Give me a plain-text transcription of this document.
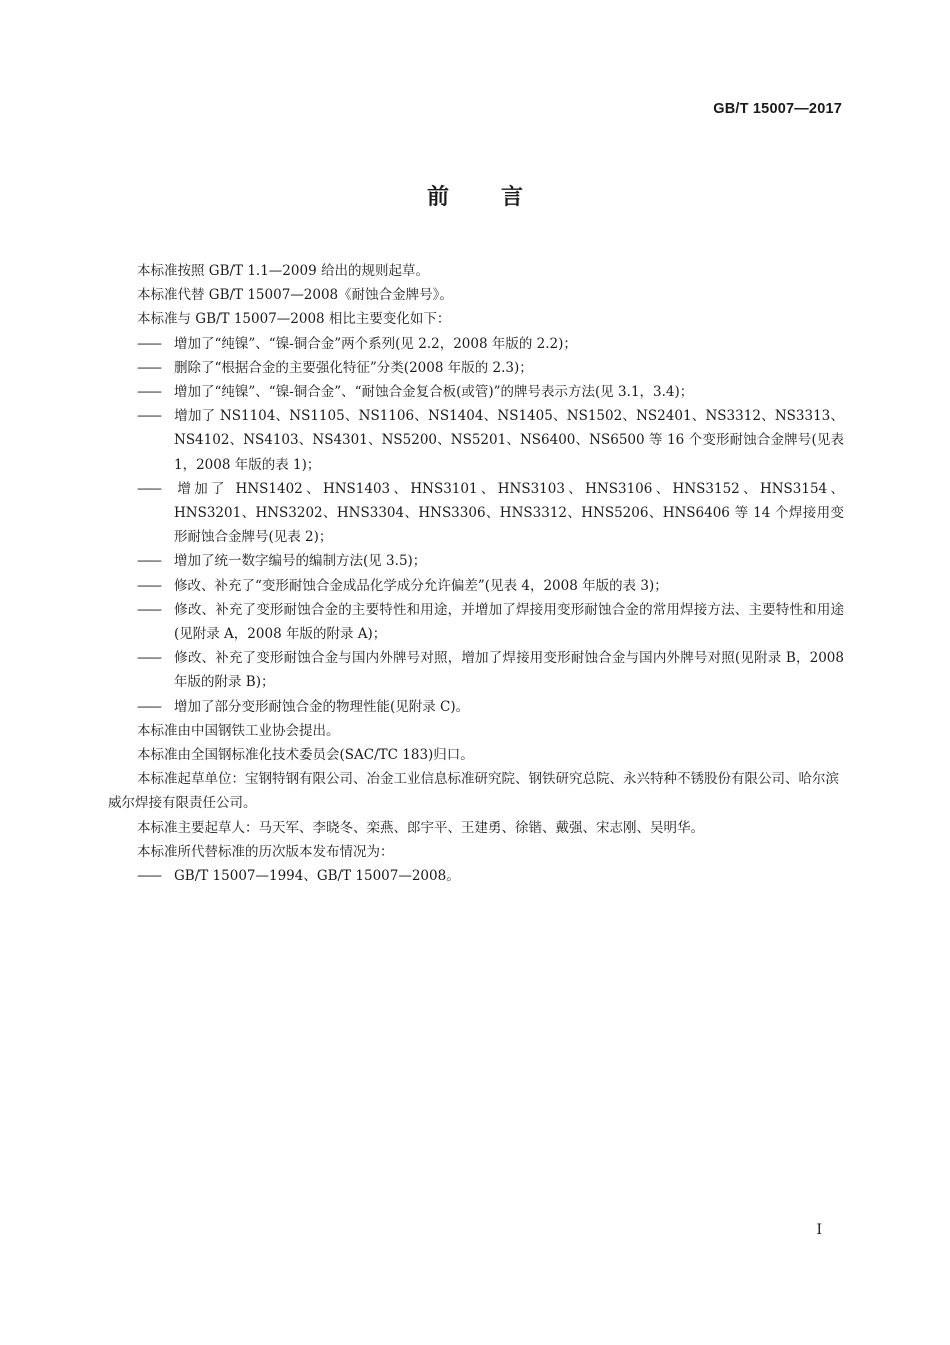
GB/T 15007—2017
前言

本标准按照 GB/T 1.1—2009 给出的规则起草。

本标准代替 GB/T 15007—2008《耐蚀合金牌号》。

本标准与 GB/T 15007—2008 相比主要变化如下：

—— 增加了“纯镍”、“镍-铜合金”两个系列(见 2.2，2008 年版的 2.2)；

—— 删除了“根据合金的主要强化特征”分类(2008 年版的 2.3)；

—— 增加了“纯镍”、“镍-铜合金”、“耐蚀合金复合板(或管)”的牌号表示方法(见 3.1，3.4)；

—— 增加了 NS1104、NS1105、NS1106、NS1404、NS1405、NS1502、NS2401、NS3312、NS3313、NS4102、NS4103、NS4301、NS5200、NS5201、NS6400、NS6500 等 16 个变形耐蚀合金牌号(见表 1，2008 年版的表 1)；

—— 增加了 HNS1402、HNS1403、HNS3101、HNS3103、HNS3106、HNS3152、HNS3154、HNS3201、HNS3202、HNS3304、HNS3306、HNS3312、HNS5206、HNS6406 等 14 个焊接用变形耐蚀合金牌号(见表 2)；

—— 增加了统一数字编号的编制方法(见 3.5)；

—— 修改、补充了“变形耐蚀合金成品化学成分允许偏差”(见表 4，2008 年版的表 3)；

—— 修改、补充了变形耐蚀合金的主要特性和用途，并增加了焊接用变形耐蚀合金的常用焊接方法、主要特性和用途(见附录 A，2008 年版的附录 A)；

—— 修改、补充了变形耐蚀合金与国内外牌号对照，增加了焊接用变形耐蚀合金与国内外牌号对照(见附录 B，2008 年版的附录 B)；

—— 增加了部分变形耐蚀合金的物理性能(见附录 C)。

本标准由中国钢铁工业协会提出。

本标准由全国钢标准化技术委员会(SAC/TC 183)归口。

本标准起草单位：宝钢特钢有限公司、冶金工业信息标准研究院、钢铁研究总院、永兴特种不锈股份有限公司、哈尔滨威尔焊接有限责任公司。

本标准主要起草人：马天军、李晓冬、栾燕、郎宇平、王建勇、徐锴、戴强、宋志刚、吴明华。

本标准所代替标准的历次版本发布情况为：

—— GB/T 15007—1994、GB/T 15007—2008。

I
